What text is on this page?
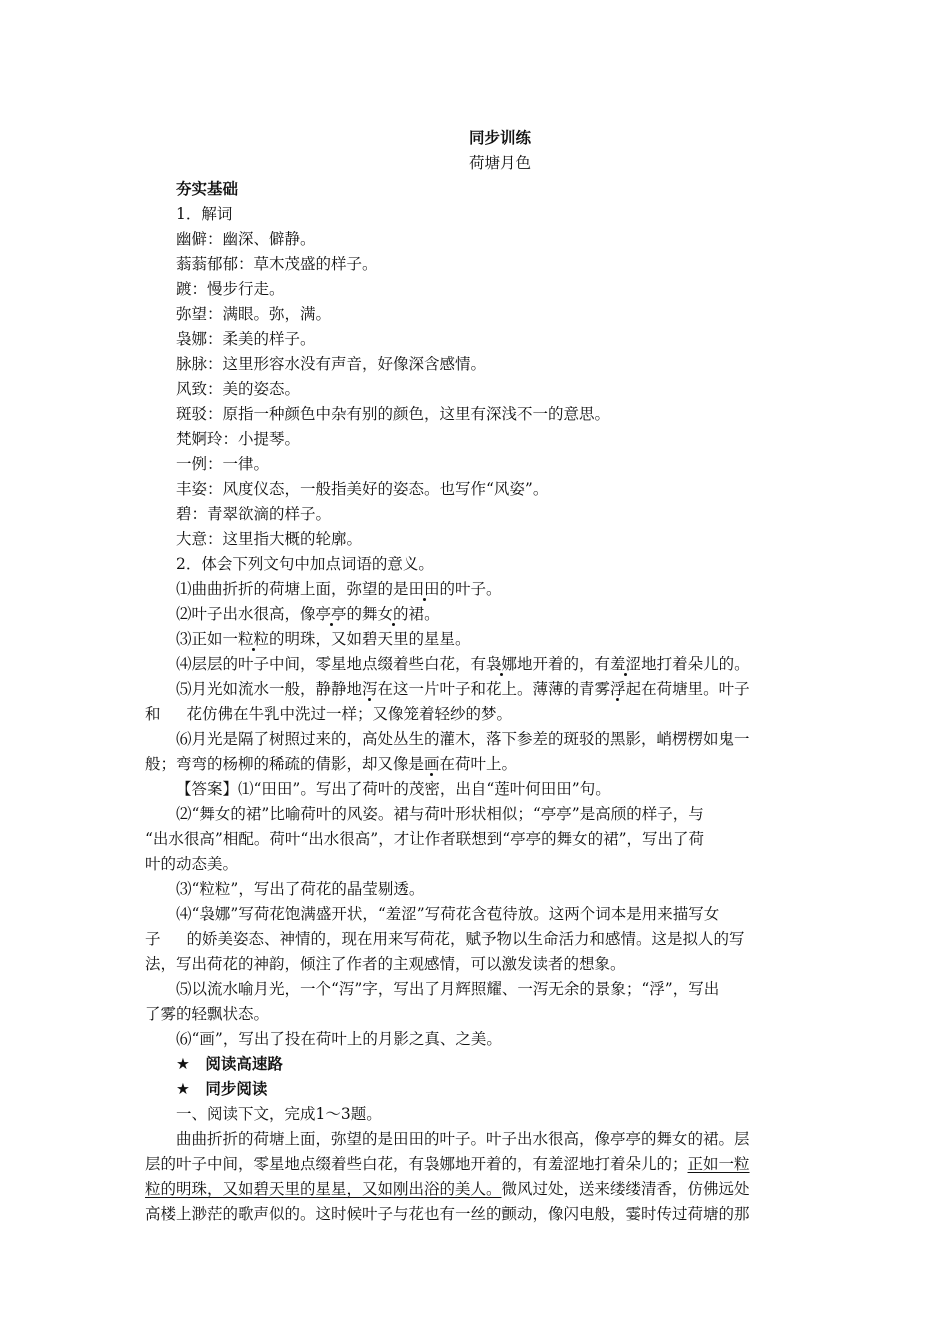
同步训练
荷塘月色
夯实基础
1．解词
幽僻：幽深、僻静。
蓊蓊郁郁：草木茂盛的样子。
踱：慢步行走。
弥望：满眼。弥，满。
袅娜：柔美的样子。
脉脉：这里形容水没有声音，好像深含感情。
风致：美的姿态。
斑驳：原指一种颜色中杂有别的颜色，这里有深浅不一的意思。
梵婀玲：小提琴。
一例：一律。
丰姿：风度仪态，一般指美好的姿态。也写作“风姿”。
碧：青翠欲滴的样子。
大意：这里指大概的轮廓。
2．体会下列文句中加点词语的意义。
⑴曲曲折折的荷塘上面，弥望的是田田的叶子。
⑵叶子出水很高，像亭亭的舞女的裙。
⑶正如一粒粒的明珠，又如碧天里的星星。
⑷层层的叶子中间，零星地点缀着些白花，有袅娜地开着的，有羞涩地打着朵儿的。
⑸月光如流水一般，静静地泻在这一片叶子和花上。薄薄的青雾浮起在荷塘里。叶子
和 花仿佛在牛乳中洗过一样；又像笼着轻纱的梦。
⑹月光是隔了树照过来的，高处丛生的灌木，落下参差的斑驳的黑影，峭楞楞如鬼一
般；弯弯的杨柳的稀疏的倩影，却又像是画在荷叶上。
【答案】⑴“田田”。写出了荷叶的茂密，出自“莲叶何田田”句。
⑵“舞女的裙”比喻荷叶的风姿。裙与荷叶形状相似；“亭亭”是高颀的样子，与
“出水很高”相配。荷叶“出水很高”，才让作者联想到“亭亭的舞女的裙”，写出了荷
叶的动态美。
⑶“粒粒”，写出了荷花的晶莹剔透。
⑷“袅娜”写荷花饱满盛开状，“羞涩”写荷花含苞待放。这两个词本是用来描写女
子 的娇美姿态、神情的，现在用来写荷花，赋予物以生命活力和感情。这是拟人的写
法，写出荷花的神韵，倾注了作者的主观感情，可以激发读者的想象。
⑸以流水喻月光，一个“泻”字，写出了月辉照耀、一泻无余的景象；“浮”，写出
了雾的轻飘状态。
⑹“画”，写出了投在荷叶上的月影之真、之美。
★　阅读高速路
★　同步阅读
一、阅读下文，完成1～3题。
曲曲折折的荷塘上面，弥望的是田田的叶子。叶子出水很高，像亭亭的舞女的裙。层
层的叶子中间，零星地点缀着些白花，有袅娜地开着的，有羞涩地打着朵儿的；正如一粒
粒的明珠，又如碧天里的星星，又如刚出浴的美人。微风过处，送来缕缕清香，仿佛远处
高楼上渺茫的歌声似的。这时候叶子与花也有一丝的颤动，像闪电般，霎时传过荷塘的那
